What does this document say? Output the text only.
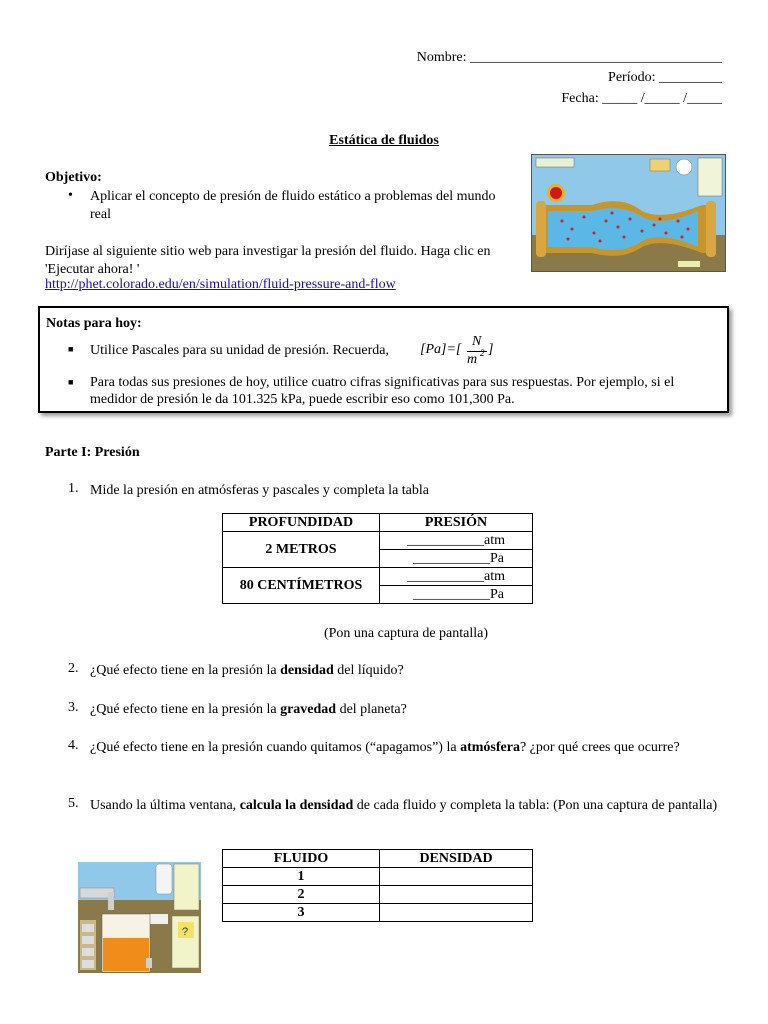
Nombre: ____________________________________
Período: _________
Fecha: _____ /_____ /_____
Estática de fluidos
Objetivo:
• Aplicar el concepto de presión de fluido estático a problemas del mundo real
Diríjase al siguiente sitio web para investigar la presión del fluido. Haga clic en 'Ejecutar ahora! '
http://phet.colorado.edu/en/simulation/fluid-pressure-and-flow
Notas para hoy:
■ Utilice Pascales para su unidad de presión. Recuerda, [Pa]=[
N
m 2 ]
■ Para todas sus presiones de hoy, utilice cuatro cifras significativas para sus respuestas. Por ejemplo, si el medidor de presión le da 101.325 kPa, puede escribir eso como 101,300 Pa.
Parte I: Presión
1. Mide la presión en atmósferas y pascales y completa la tabla
PROFUNDIDAD	PRESIÓN
2 METROS	___________atm
	___________Pa
80 CENTÍMETROS	___________atm
	___________Pa
(Pon una captura de pantalla)
2. ¿Qué efecto tiene en la presión la densidad del líquido?
3. ¿Qué efecto tiene en la presión la gravedad del planeta?
4. ¿Qué efecto tiene en la presión cuando quitamos (“apagamos”) la atmósfera? ¿por qué crees que ocurre?
5. Usando la última ventana, calcula la densidad de cada fluido y completa la tabla: (Pon una captura de pantalla)
?
FLUIDO	DENSIDAD
1	
2	
3	
